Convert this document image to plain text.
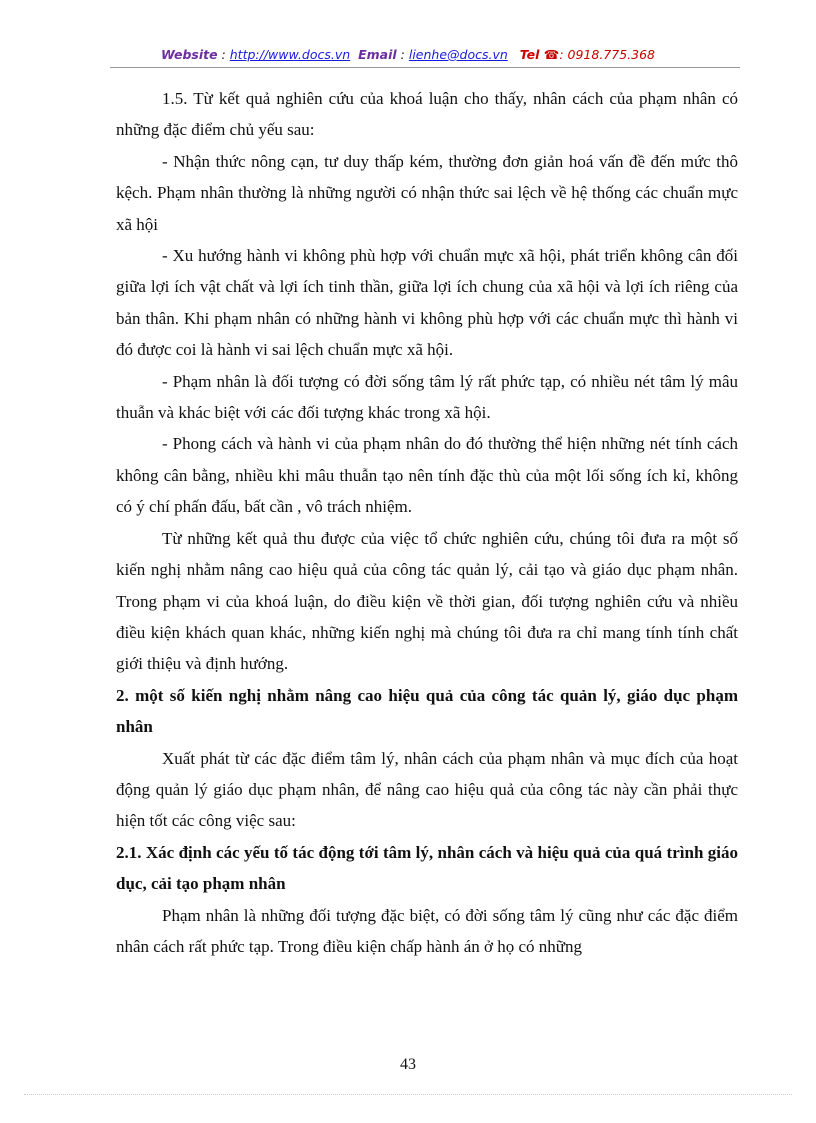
Website : http://www.docs.vn Email : lienhe@docs.vn Tel ☎: 0918.775.368

1.5. Từ kết quả nghiên cứu của khoá luận cho thấy, nhân cách của phạm nhân có những đặc điểm chủ yếu sau:

- Nhận thức nông cạn, tư duy thấp kém, thường đơn giản hoá vấn đề đến mức thô kệch. Phạm nhân thường là những người có nhận thức sai lệch về hệ thống các chuẩn mực xã hội

- Xu hướng hành vi không phù hợp với chuẩn mực xã hội, phát triển không cân đối giữa lợi ích vật chất và lợi ích tinh thần, giữa lợi ích chung của xã hội và lợi ích riêng của bản thân. Khi phạm nhân có những hành vi không phù hợp với các chuẩn mực thì hành vi đó được coi là hành vi sai lệch chuẩn mực xã hội.

- Phạm nhân là đối tượng có đời sống tâm lý rất phức tạp, có nhiều nét tâm lý mâu thuẫn và khác biệt với các đối tượng khác trong xã hội.

- Phong cách và hành vi của phạm nhân do đó thường thể hiện những nét tính cách không cân bằng, nhiều khi mâu thuẫn tạo nên tính đặc thù của một lối sống ích kỉ, không có ý chí phấn đấu, bất cần , vô trách nhiệm.

Từ những kết quả thu được của việc tổ chức nghiên cứu, chúng tôi đưa ra một số kiến nghị nhằm nâng cao hiệu quả của công tác quản lý, cải tạo và giáo dục phạm nhân. Trong phạm vi của khoá luận, do điều kiện về thời gian, đối tượng nghiên cứu và nhiều điều kiện khách quan khác, những kiến nghị mà chúng tôi đưa ra chỉ mang tính tính chất giới thiệu và định hướng.

2. một số kiến nghị nhằm nâng cao hiệu quả của công tác quản lý, giáo dục phạm nhân

Xuất phát từ các đặc điểm tâm lý, nhân cách của phạm nhân và mục đích của hoạt động quản lý giáo dục phạm nhân, để nâng cao hiệu quả của công tác này cần phải thực hiện tốt các công việc sau:

2.1. Xác định các yếu tố tác động tới tâm lý, nhân cách và hiệu quả của quá trình giáo dục, cải tạo phạm nhân

Phạm nhân là những đối tượng đặc biệt, có đời sống tâm lý cũng như các đặc điểm nhân cách rất phức tạp. Trong điều kiện chấp hành án ở họ có những

43
